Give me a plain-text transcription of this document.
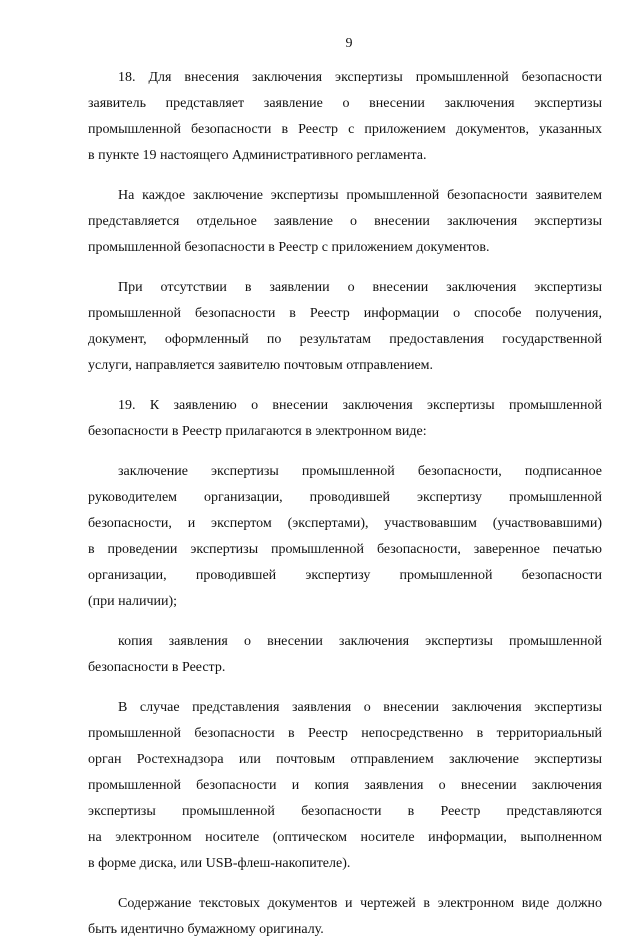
9
18. Для внесения заключения экспертизы промышленной безопасности
заявитель представляет заявление о внесении заключения экспертизы
промышленной безопасности в Реестр с приложением документов, указанных
в пункте 19 настоящего Административного регламента.
На каждое заключение экспертизы промышленной безопасности заявителем
представляется отдельное заявление о внесении заключения экспертизы
промышленной безопасности в Реестр с приложением документов.
При отсутствии в заявлении о внесении заключения экспертизы
промышленной безопасности в Реестр информации о способе получения,
документ, оформленный по результатам предоставления государственной
услуги, направляется заявителю почтовым отправлением.
19. К заявлению о внесении заключения экспертизы промышленной
безопасности в Реестр прилагаются в электронном виде:
заключение экспертизы промышленной безопасности, подписанное
руководителем организации, проводившей экспертизу промышленной
безопасности, и экспертом (экспертами), участвовавшим (участвовавшими)
в проведении экспертизы промышленной безопасности, заверенное печатью
организации, проводившей экспертизу промышленной безопасности
(при наличии);
копия заявления о внесении заключения экспертизы промышленной
безопасности в Реестр.
В случае представления заявления о внесении заключения экспертизы
промышленной безопасности в Реестр непосредственно в территориальный
орган Ростехнадзора или почтовым отправлением заключение экспертизы
промышленной безопасности и копия заявления о внесении заключения
экспертизы промышленной безопасности в Реестр представляются
на электронном носителе (оптическом носителе информации, выполненном
в форме диска, или USB-флеш-накопителе).
Содержание текстовых документов и чертежей в электронном виде должно
быть идентично бумажному оригиналу.
